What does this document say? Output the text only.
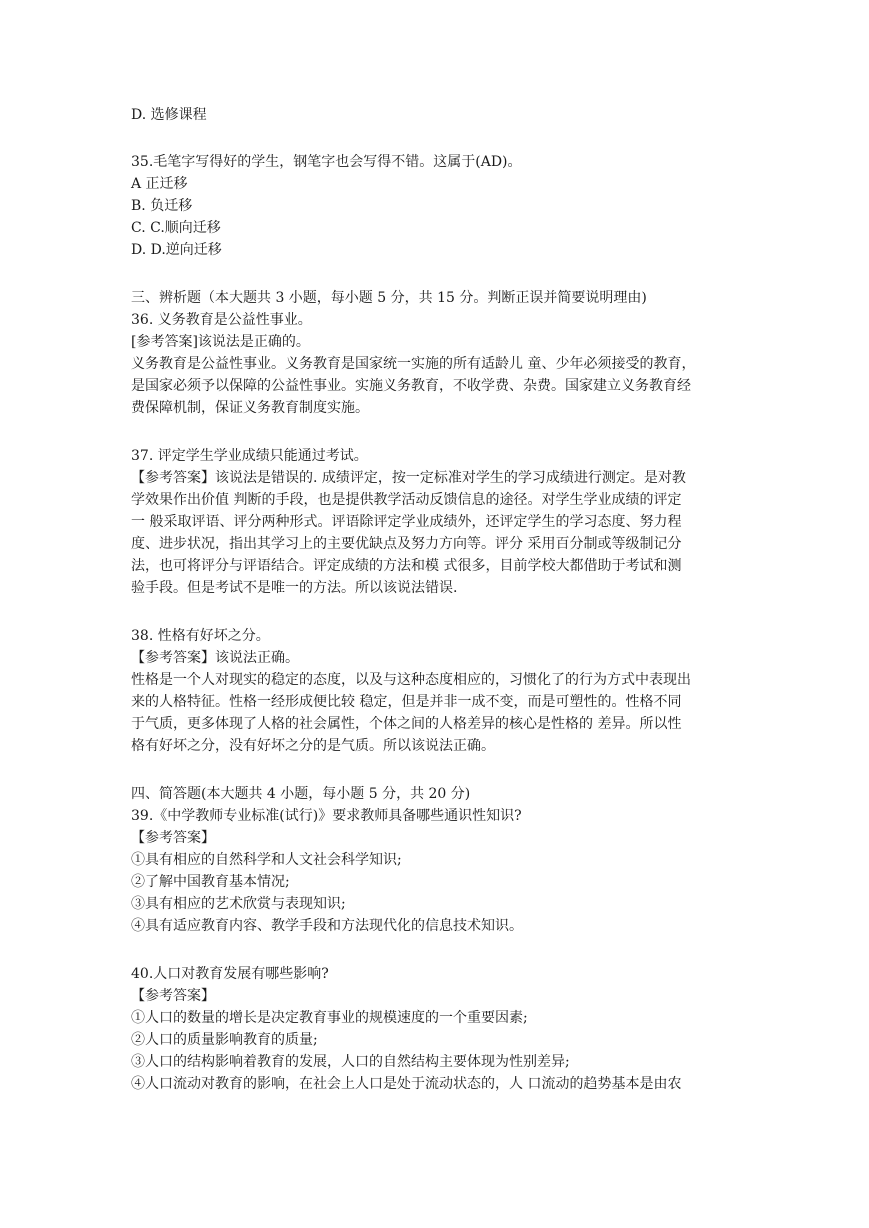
D. 选修课程
35.毛笔字写得好的学生，钢笔字也会写得不错。这属于(AD)。
A 正迁移
B. 负迁移
C. C.顺向迁移
D. D.逆向迁移
三、辨析题（本大题共 3 小题，每小题 5 分，共 15 分。判断正误并简要说明理由)
36. 义务教育是公益性事业。
[参考答案]该说法是正确的。
义务教育是公益性事业。义务教育是国家统一实施的所有适龄儿 童、少年必须接受的教育，
是国家必须予以保障的公益性事业。实施义务教育，不收学费、杂费。国家建立义务教育经
费保障机制，保证义务教育制度实施。
37. 评定学生学业成绩只能通过考试。
【参考答案】该说法是错误的. 成绩评定，按一定标准对学生的学习成绩进行测定。是对教
学效果作出价值 判断的手段，也是提供教学活动反馈信息的途径。对学生学业成绩的评定
一 般采取评语、评分两种形式。评语除评定学业成绩外，还评定学生的学习态度、努力程
度、进步状况，指出其学习上的主要优缺点及努力方向等。评分 采用百分制或等级制记分
法，也可将评分与评语结合。评定成绩的方法和模 式很多，目前学校大都借助于考试和测
验手段。但是考试不是唯一的方法。所以该说法错误.
38. 性格有好坏之分。
【参考答案】该说法正确。
性格是一个人对现实的稳定的态度，以及与这种态度相应的，习惯化了的行为方式中表现出
来的人格特征。性格一经形成便比较 稳定，但是并非一成不变，而是可塑性的。性格不同
于气质，更多体现了人格的社会属性，个体之间的人格差异的核心是性格的 差异。所以性
格有好坏之分，没有好坏之分的是气质。所以该说法正确。
四、简答题(本大题共 4 小题，每小题 5 分，共 20 分)
39.《中学教师专业标准(试行)》要求教师具备哪些通识性知识?
【参考答案】
①具有相应的自然科学和人文社会科学知识;
②了解中国教育基本情况;
③具有相应的艺术欣赏与表现知识;
④具有适应教育内容、教学手段和方法现代化的信息技术知识。
40.人口对教育发展有哪些影响?
【参考答案】
①人口的数量的增长是决定教育事业的规模速度的一个重要因素;
②人口的质量影响教育的质量;
③人口的结构影响着教育的发展，人口的自然结构主要体现为性别差异;
④人口流动对教育的影响，在社会上人口是处于流动状态的，人 口流动的趋势基本是由农
